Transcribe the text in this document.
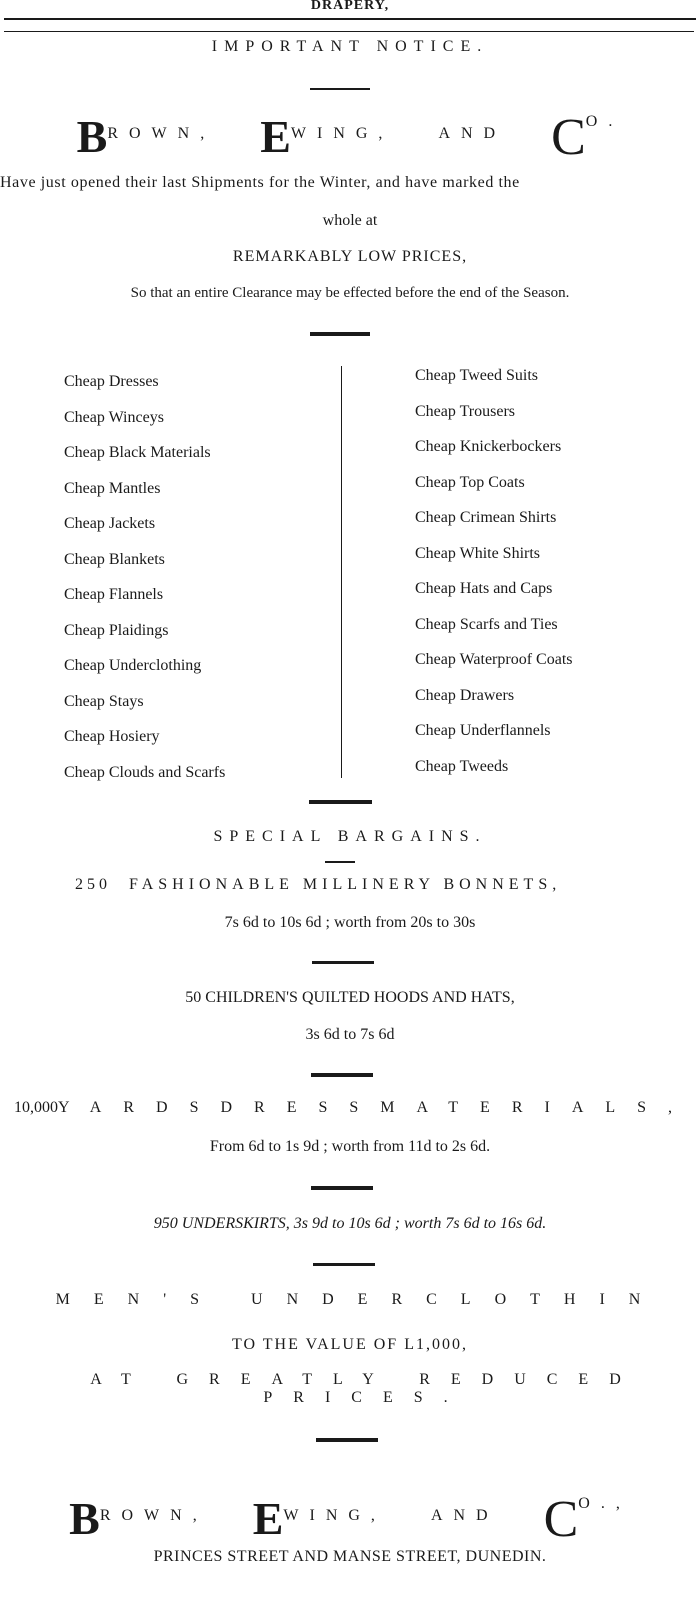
DRAPERY,
IMPORTANT NOTICE.
BROWN, EWING,	AND CO.
Have just opened their last Shipments for the Winter, and have marked the
whole at
REMARKABLY LOW PRICES,
So that an entire Clearance may be effected before the end of the Season.
Cheap Dresses
Cheap Winceys
Cheap Black Materials
Cheap Mantles
Cheap Jackets
Cheap Blankets
Cheap Flannels
Cheap Plaidings
Cheap Underclothing
Cheap Stays
Cheap Hosiery
Cheap Clouds and Scarfs
Cheap Tweed Suits
Cheap Trousers
Cheap Knickerbockers
Cheap Top Coats
Cheap Crimean Shirts
Cheap White Shirts
Cheap Hats and Caps
Cheap Scarfs and Ties
Cheap Waterproof Coats
Cheap Drawers
Cheap Underflannels
Cheap Tweeds
SPECIAL BARGAINS.
250 FASHIONABLE MILLINERY BONNETS,
7s 6d to 10s 6d ; worth from 20s to 30s
50 CHILDREN'S QUILTED HOODS AND HATS,
3s 6d to 7s 6d
10,000 YARDS DRESS MATERIALS,
From 6d to 1s 9d ; worth from 11d to 2s 6d.
950 UNDERSKIRTS, 3s 9d to 10s 6d ; worth 7s 6d to 16s 6d.
MEN'S UNDERCLOTHIN
TO THE VALUE OF L1,000,
AT GREATLY REDUCED PRICES.
BROWN, EWING,	AND CO.,
PRINCES STREET AND MANSE STREET, DUNEDIN.
